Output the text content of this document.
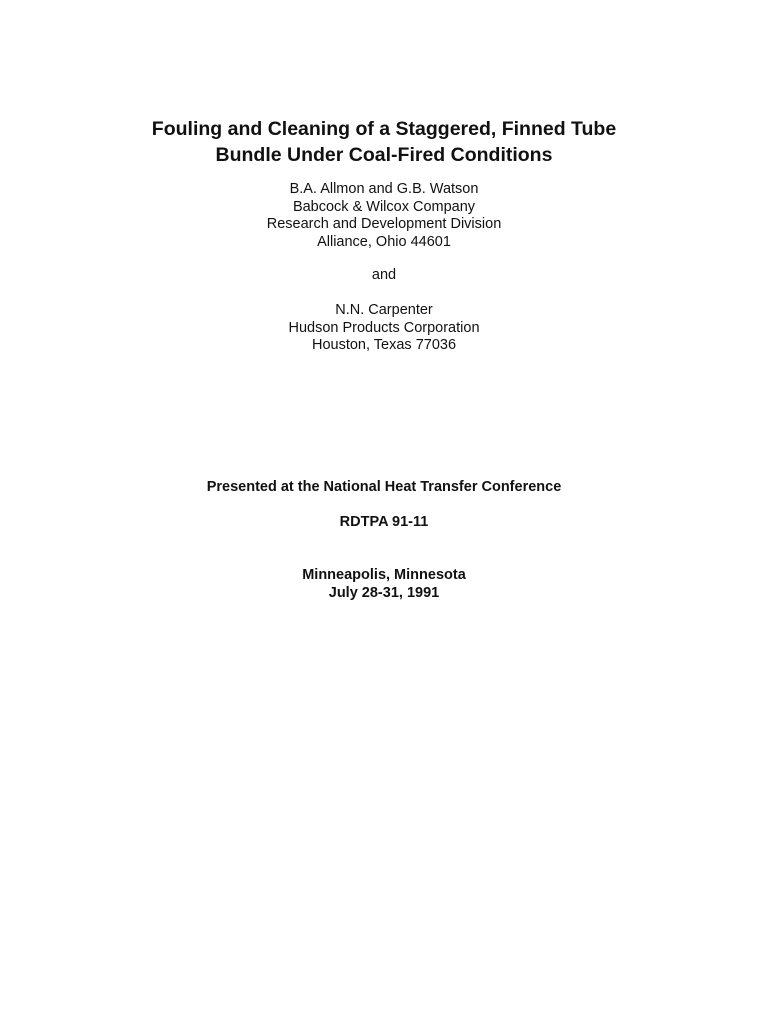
Fouling and Cleaning of a Staggered, Finned Tube
Bundle Under Coal-Fired Conditions
B.A. Allmon and G.B. Watson
Babcock & Wilcox Company
Research and Development Division
Alliance, Ohio 44601
and
N.N. Carpenter
Hudson Products Corporation
Houston, Texas 77036
Presented at the National Heat Transfer Conference
RDTPA 91-11
Minneapolis, Minnesota
July 28-31, 1991
